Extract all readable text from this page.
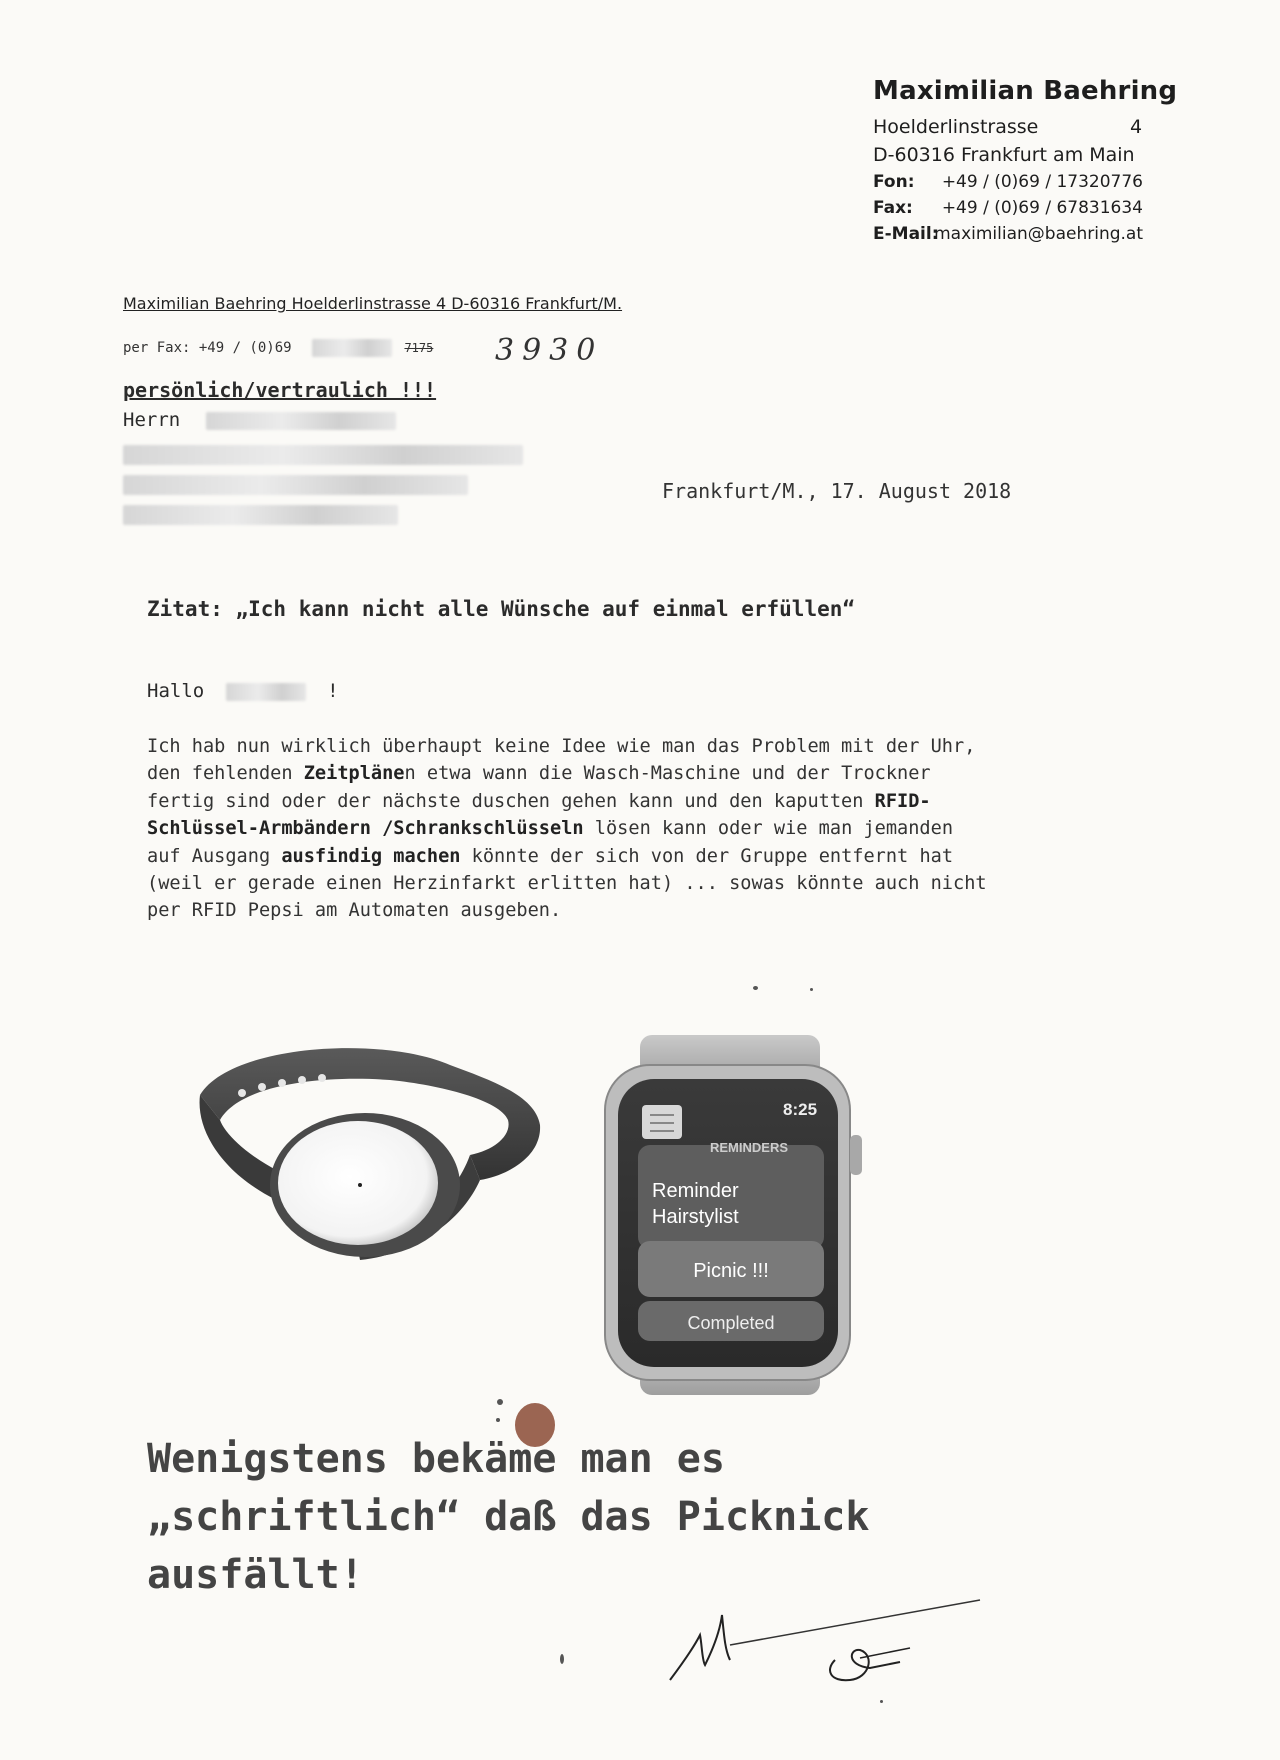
Maximilian Baehring
Hoelderlinstrasse	4
D-60316 Frankfurt am Main
Fon: +49 / (0)69 / 17320776
Fax: +49 / (0)69 / 67831634
E-Mail:
maximilian@baehring.at
Maximilian Baehring Hoelderlinstrasse 4 D-60316 Frankfurt/M.
per Fax: +49 / (0)69	7175 3930
persönlich/vertraulich !!!
Herrn
Frankfurt/M., 17. August 2018
Zitat: „Ich kann nicht alle Wünsche auf einmal erfüllen“
Hallo	!

Ich hab nun wirklich überhaupt keine Idee wie man das Problem mit der Uhr,

den fehlenden Zeitplänen etwa wann die Wasch-Maschine und der Trockner

fertig sind oder der nächste duschen gehen kann und den kaputten RFID-

Schlüssel-Armbändern /Schrankschlüsseln lösen kann oder wie man jemanden

auf Ausgang ausfindig machen könnte der sich von der Gruppe entfernt hat

(weil er gerade einen Herzinfarkt erlitten hat) ... sowas könnte auch nicht

per RFID Pepsi am Automaten ausgeben.

8:25
REMINDERS
Reminder
Hairstylist
Picnic !!!
Completed
Wenigstens bekäme man es
„schriftlich“ daß das Picknick
ausfällt!
